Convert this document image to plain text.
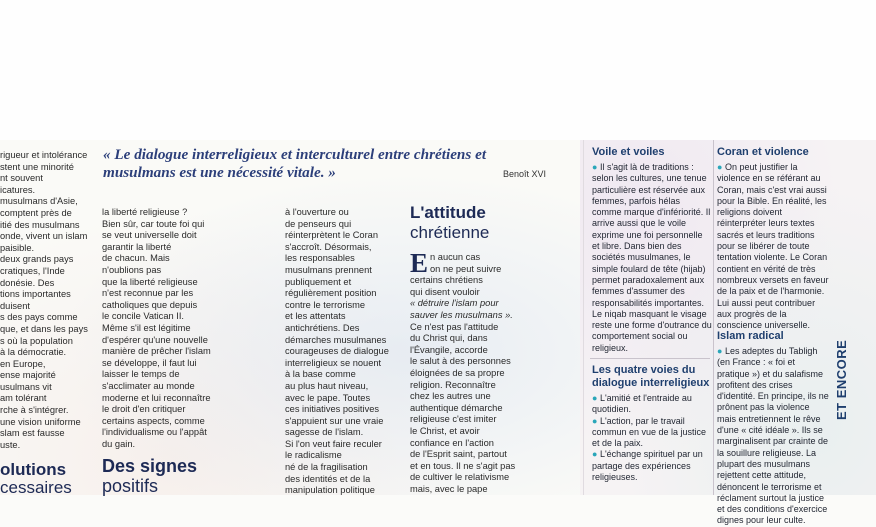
rigueur et intolérance

stent une minorité

nt souvent

icatures.

musulmans d'Asie,

comptent près de

itié des musulmans

onde, vivent un islam

paisible.

deux grands pays

cratiques, l'Inde

donésie. Des

tions importantes

duisent

s des pays comme

que, et dans les pays

s où la population

à la démocratie.

en Europe,

ense majorité

usulmans vit

am tolérant

rche à s'intégrer.

une vision uniforme

slam est fausse

uste.

olutions
cessaires
« Le dialogue interreligieux et interculturel entre chrétiens et musulmans est une nécessité vitale. »	Benoît XVI

la liberté religieuse ?

Bien sûr, car toute foi qui

se veut universelle doit

garantir la liberté

de chacun. Mais

n'oublions pas

que la liberté religieuse

n'est reconnue par les

catholiques que depuis

le concile Vatican II.

Même s'il est légitime

d'espérer qu'une nouvelle

manière de prêcher l'islam

se développe, il faut lui

laisser le temps de

s'acclimater au monde

moderne et lui reconnaître

le droit d'en critiquer

certains aspects, comme

l'individualisme ou l'appât

du gain.

Des signes
positifs

à l'ouverture ou

de penseurs qui

réinterprètent le Coran

s'accroît. Désormais,

les responsables

musulmans prennent

publiquement et

régulièrement position

contre le terrorisme

et les attentats

antichrétiens. Des

démarches musulmanes

courageuses de dialogue

interreligieux se nouent

à la base comme

au plus haut niveau,

avec le pape. Toutes

ces initiatives positives

s'appuient sur une vraie

sagesse de l'islam.

Si l'on veut faire reculer

le radicalisme

né de la fragilisation

des identités et de la

manipulation politique

L'attitude
chrétienne
E n aucun cas

on ne peut suivre

certains chrétiens

qui disent vouloir

« détruire l'islam pour

sauver les musulmans ».

Ce n'est pas l'attitude

du Christ qui, dans

l'Évangile, accorde

le salut à des personnes

éloignées de sa propre

religion. Reconnaître

chez les autres une

authentique démarche

religieuse c'est imiter

le Christ, et avoir

confiance en l'action

de l'Esprit saint, partout

et en tous. Il ne s'agit pas

de cultiver le relativisme

mais, avec le pape

Voile et voiles

● Il s'agit là de traditions : selon les cultures, une tenue particulière est réservée aux femmes, parfois hélas comme marque d'infériorité. Il arrive aussi que le voile exprime une foi personnelle et libre. Dans bien des sociétés musulmanes, le simple foulard de tête (hijab) permet paradoxalement aux femmes d'assumer des responsabilités importantes. Le niqab masquant le visage reste une forme d'outrance du comportement social ou religieux.

Les quatre voies du dialogue interreligieux

● L'amitié et l'entraide au quotidien.

● L'action, par le travail commun en vue de la justice et de la paix.

● L'échange spirituel par un partage des expériences religieuses.

Coran et violence

● On peut justifier la violence en se référant au Coran, mais c'est vrai aussi pour la Bible. En réalité, les religions doivent réinterpréter leurs textes sacrés et leurs traditions pour se libérer de toute tentation violente. Le Coran contient en vérité de très nombreux versets en faveur de la paix et de l'harmonie. Lui aussi peut contribuer aux progrès de la conscience universelle.

Islam radical

● Les adeptes du Tabligh (en France : « foi et pratique ») et du salafisme profitent des crises d'identité. En principe, ils ne prônent pas la violence mais entretiennent le rêve d'une « cité idéale ». Ils se marginalisent par crainte de la souillure religieuse. La plupart des musulmans rejettent cette attitude, dénoncent le terrorisme et réclament surtout la justice et des conditions d'exercice dignes pour leur culte.

ET ENCORE
